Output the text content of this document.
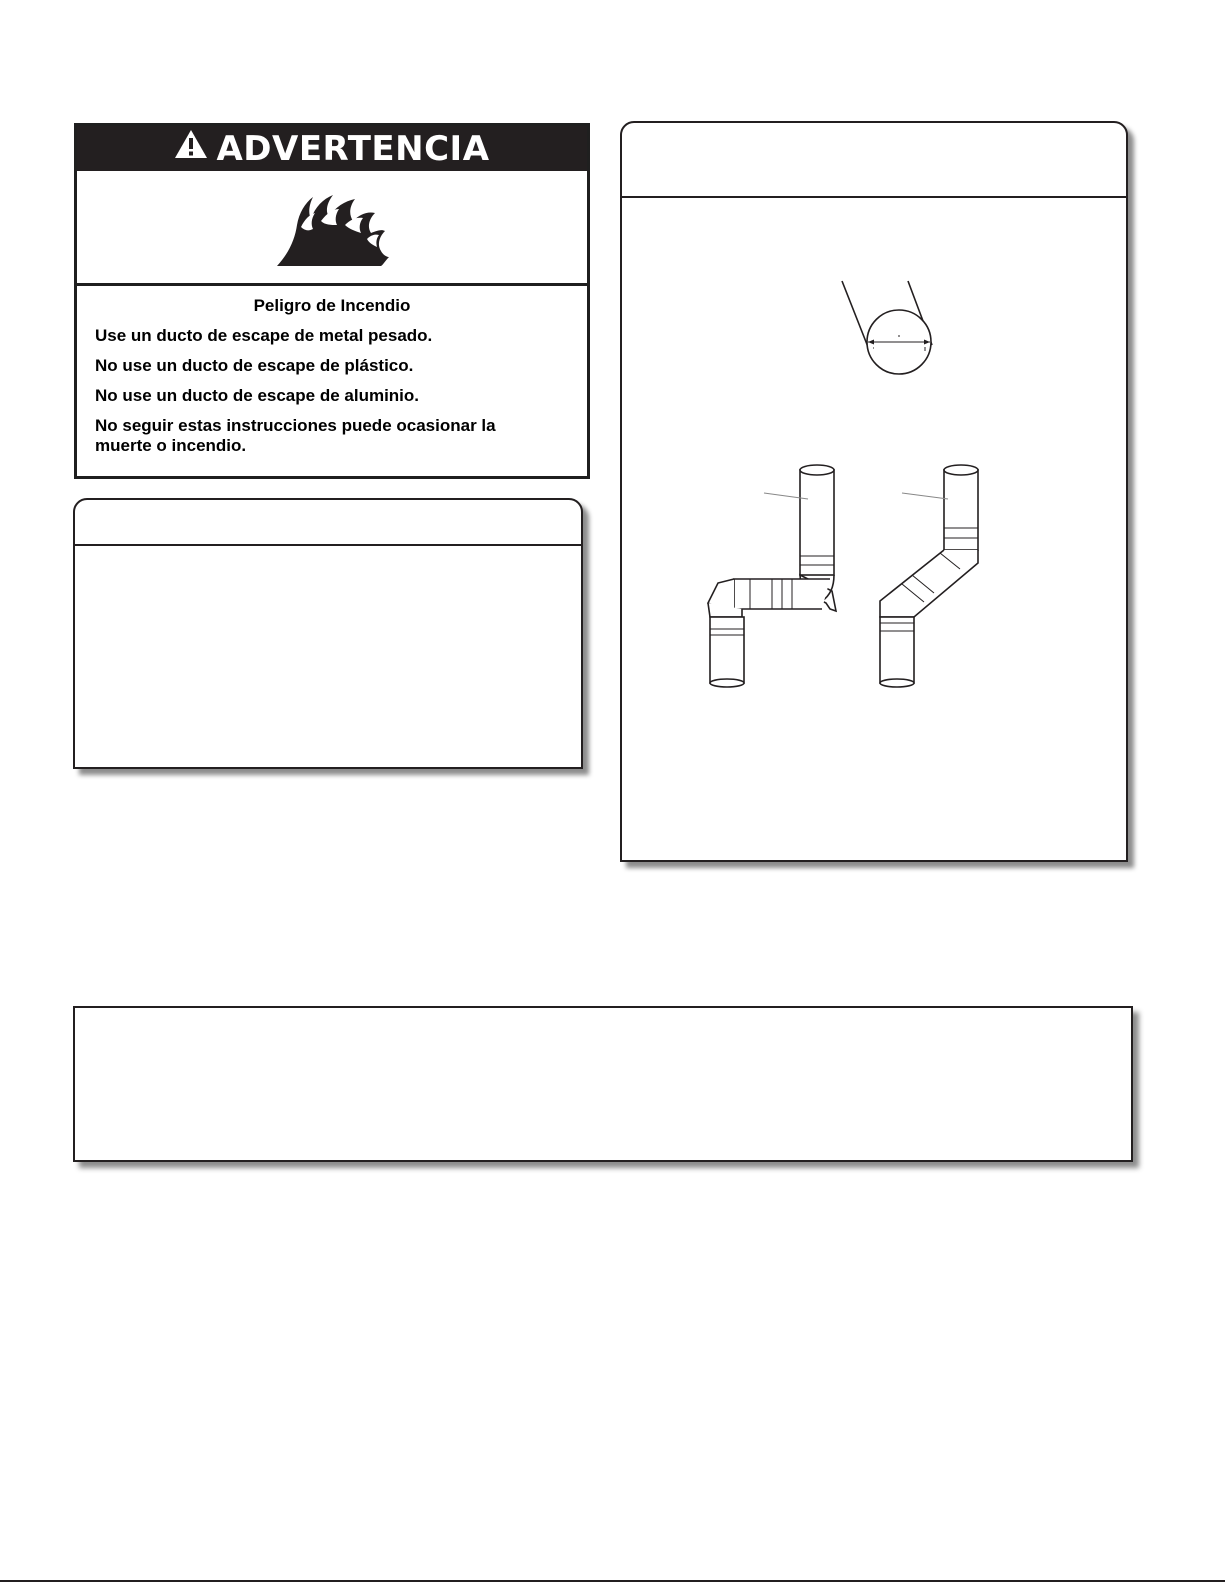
ADVERTENCIA

Peligro de Incendio

Use un ducto de escape de metal pesado.

No use un ducto de escape de plástico.

No use un ducto de escape de aluminio.

No seguir estas instrucciones puede ocasionar la muerte o incendio.
